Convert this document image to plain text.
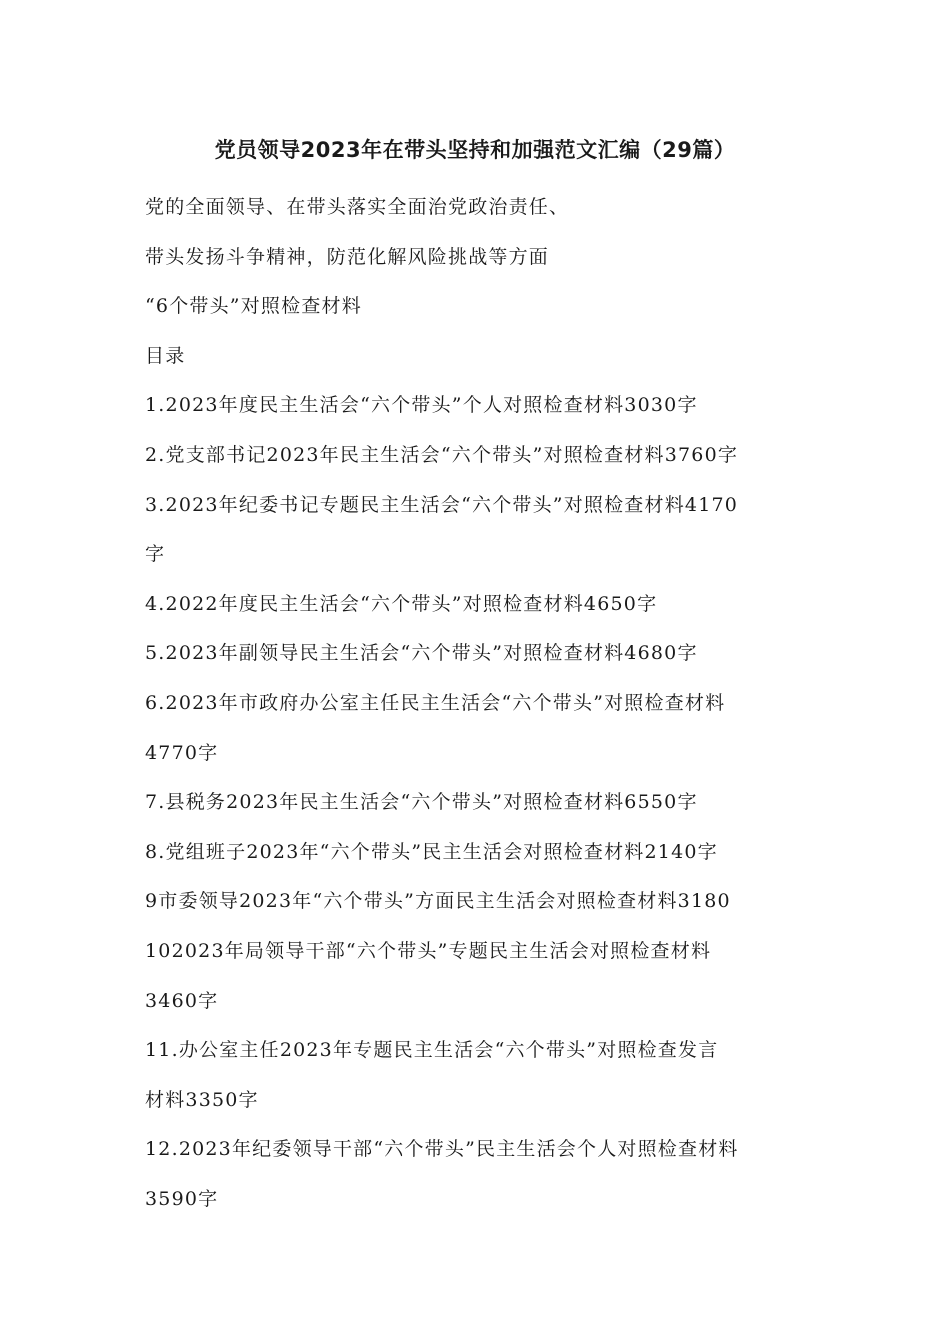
党员领导2023年在带头坚持和加强范文汇编（29篇）
党的全面领导、在带头落实全面治党政治责任、
带头发扬斗争精神，防范化解风险挑战等方面
“6个带头”对照检查材料
目录
1.2023年度民主生活会“六个带头”个人对照检查材料3030字
2.党支部书记2023年民主生活会“六个带头”对照检查材料3760字
3.2023年纪委书记专题民主生活会“六个带头”对照检查材料4170
字
4.2022年度民主生活会“六个带头”对照检查材料4650字
5.2023年副领导民主生活会“六个带头”对照检查材料4680字
6.2023年市政府办公室主任民主生活会“六个带头”对照检查材料
4770字
7.县税务2023年民主生活会“六个带头”对照检查材料6550字
8.党组班子2023年“六个带头”民主生活会对照检查材料2140字
9市委领导2023年“六个带头”方面民主生活会对照检查材料3180
102023年局领导干部“六个带头”专题民主生活会对照检查材料
3460字
11.办公室主任2023年专题民主生活会“六个带头”对照检查发言
材料3350字
12.2023年纪委领导干部“六个带头”民主生活会个人对照检查材料
3590字
